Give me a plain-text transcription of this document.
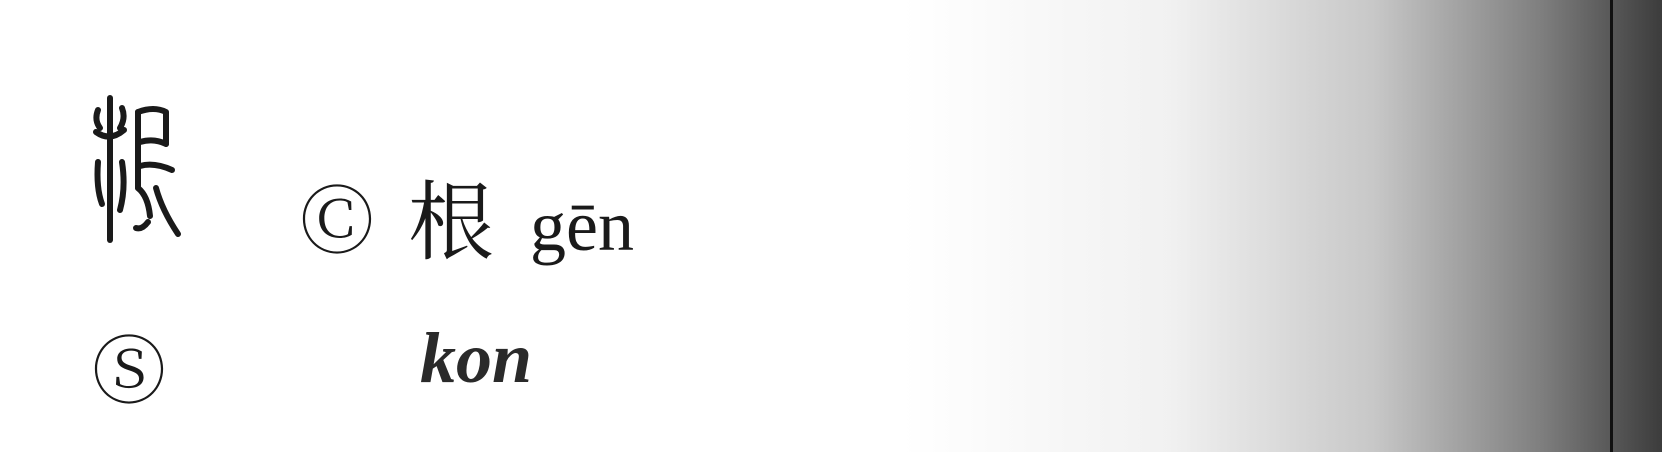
Ⓒ 根 gēn
Ⓢ	kon
